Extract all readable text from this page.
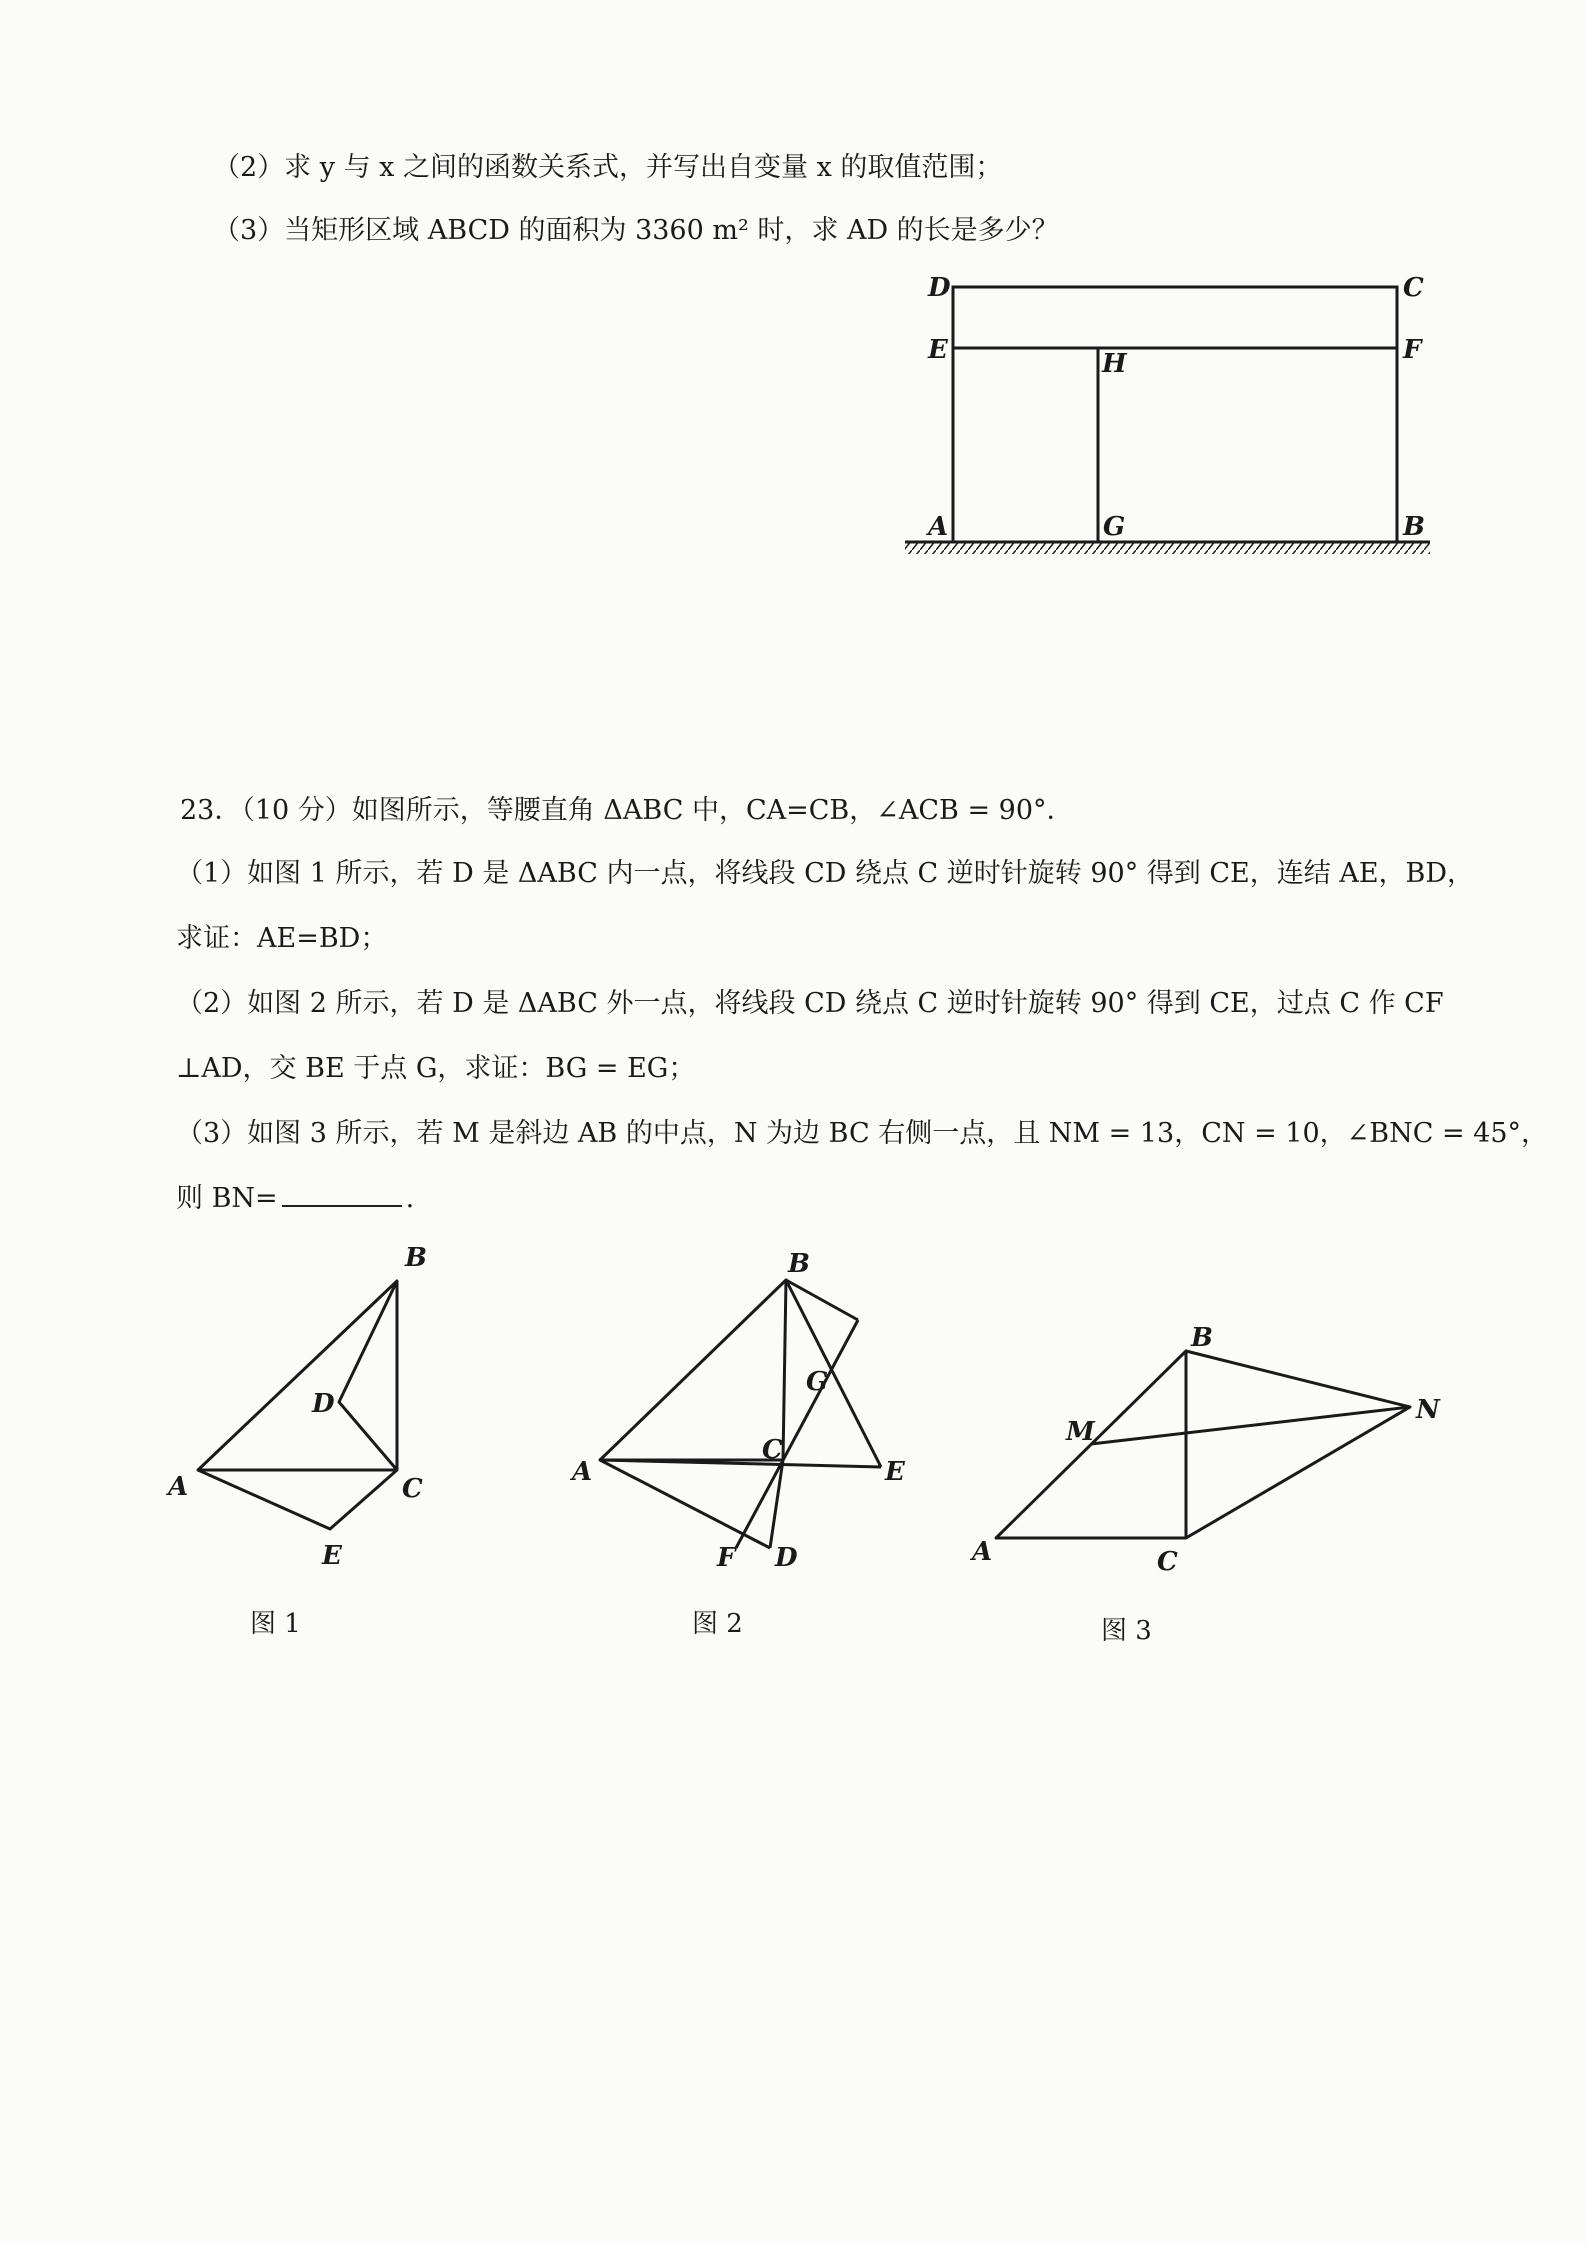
（2）求 y 与 x 之间的函数关系式，并写出自变量 x 的取值范围；
（3）当矩形区域 ABCD 的面积为 3360 m² 时，求 AD 的长是多少？
D	C
E	F
H
A	G	B
23．（10 分）如图所示，等腰直角 ΔABC 中，CA=CB，∠ACB = 90°．
（1）如图 1 所示，若 D 是 ΔABC 内一点，将线段 CD 绕点 C 逆时针旋转 90° 得到 CE，连结 AE，BD，
求证：AE=BD；
（2）如图 2 所示，若 D 是 ΔABC 外一点，将线段 CD 绕点 C 逆时针旋转 90° 得到 CE，过点 C 作 CF
⊥AD，交 BE 于点 G，求证：BG = EG；
（3）如图 3 所示，若 M 是斜边 AB 的中点，N 为边 BC 右侧一点，且 NM = 13，CN = 10，∠BNC = 45°，
则 BN=	.
B
D
A	C
E
B
G
A
C
E
F D
B
M
N
A	C
图 1	图 2	图 3
